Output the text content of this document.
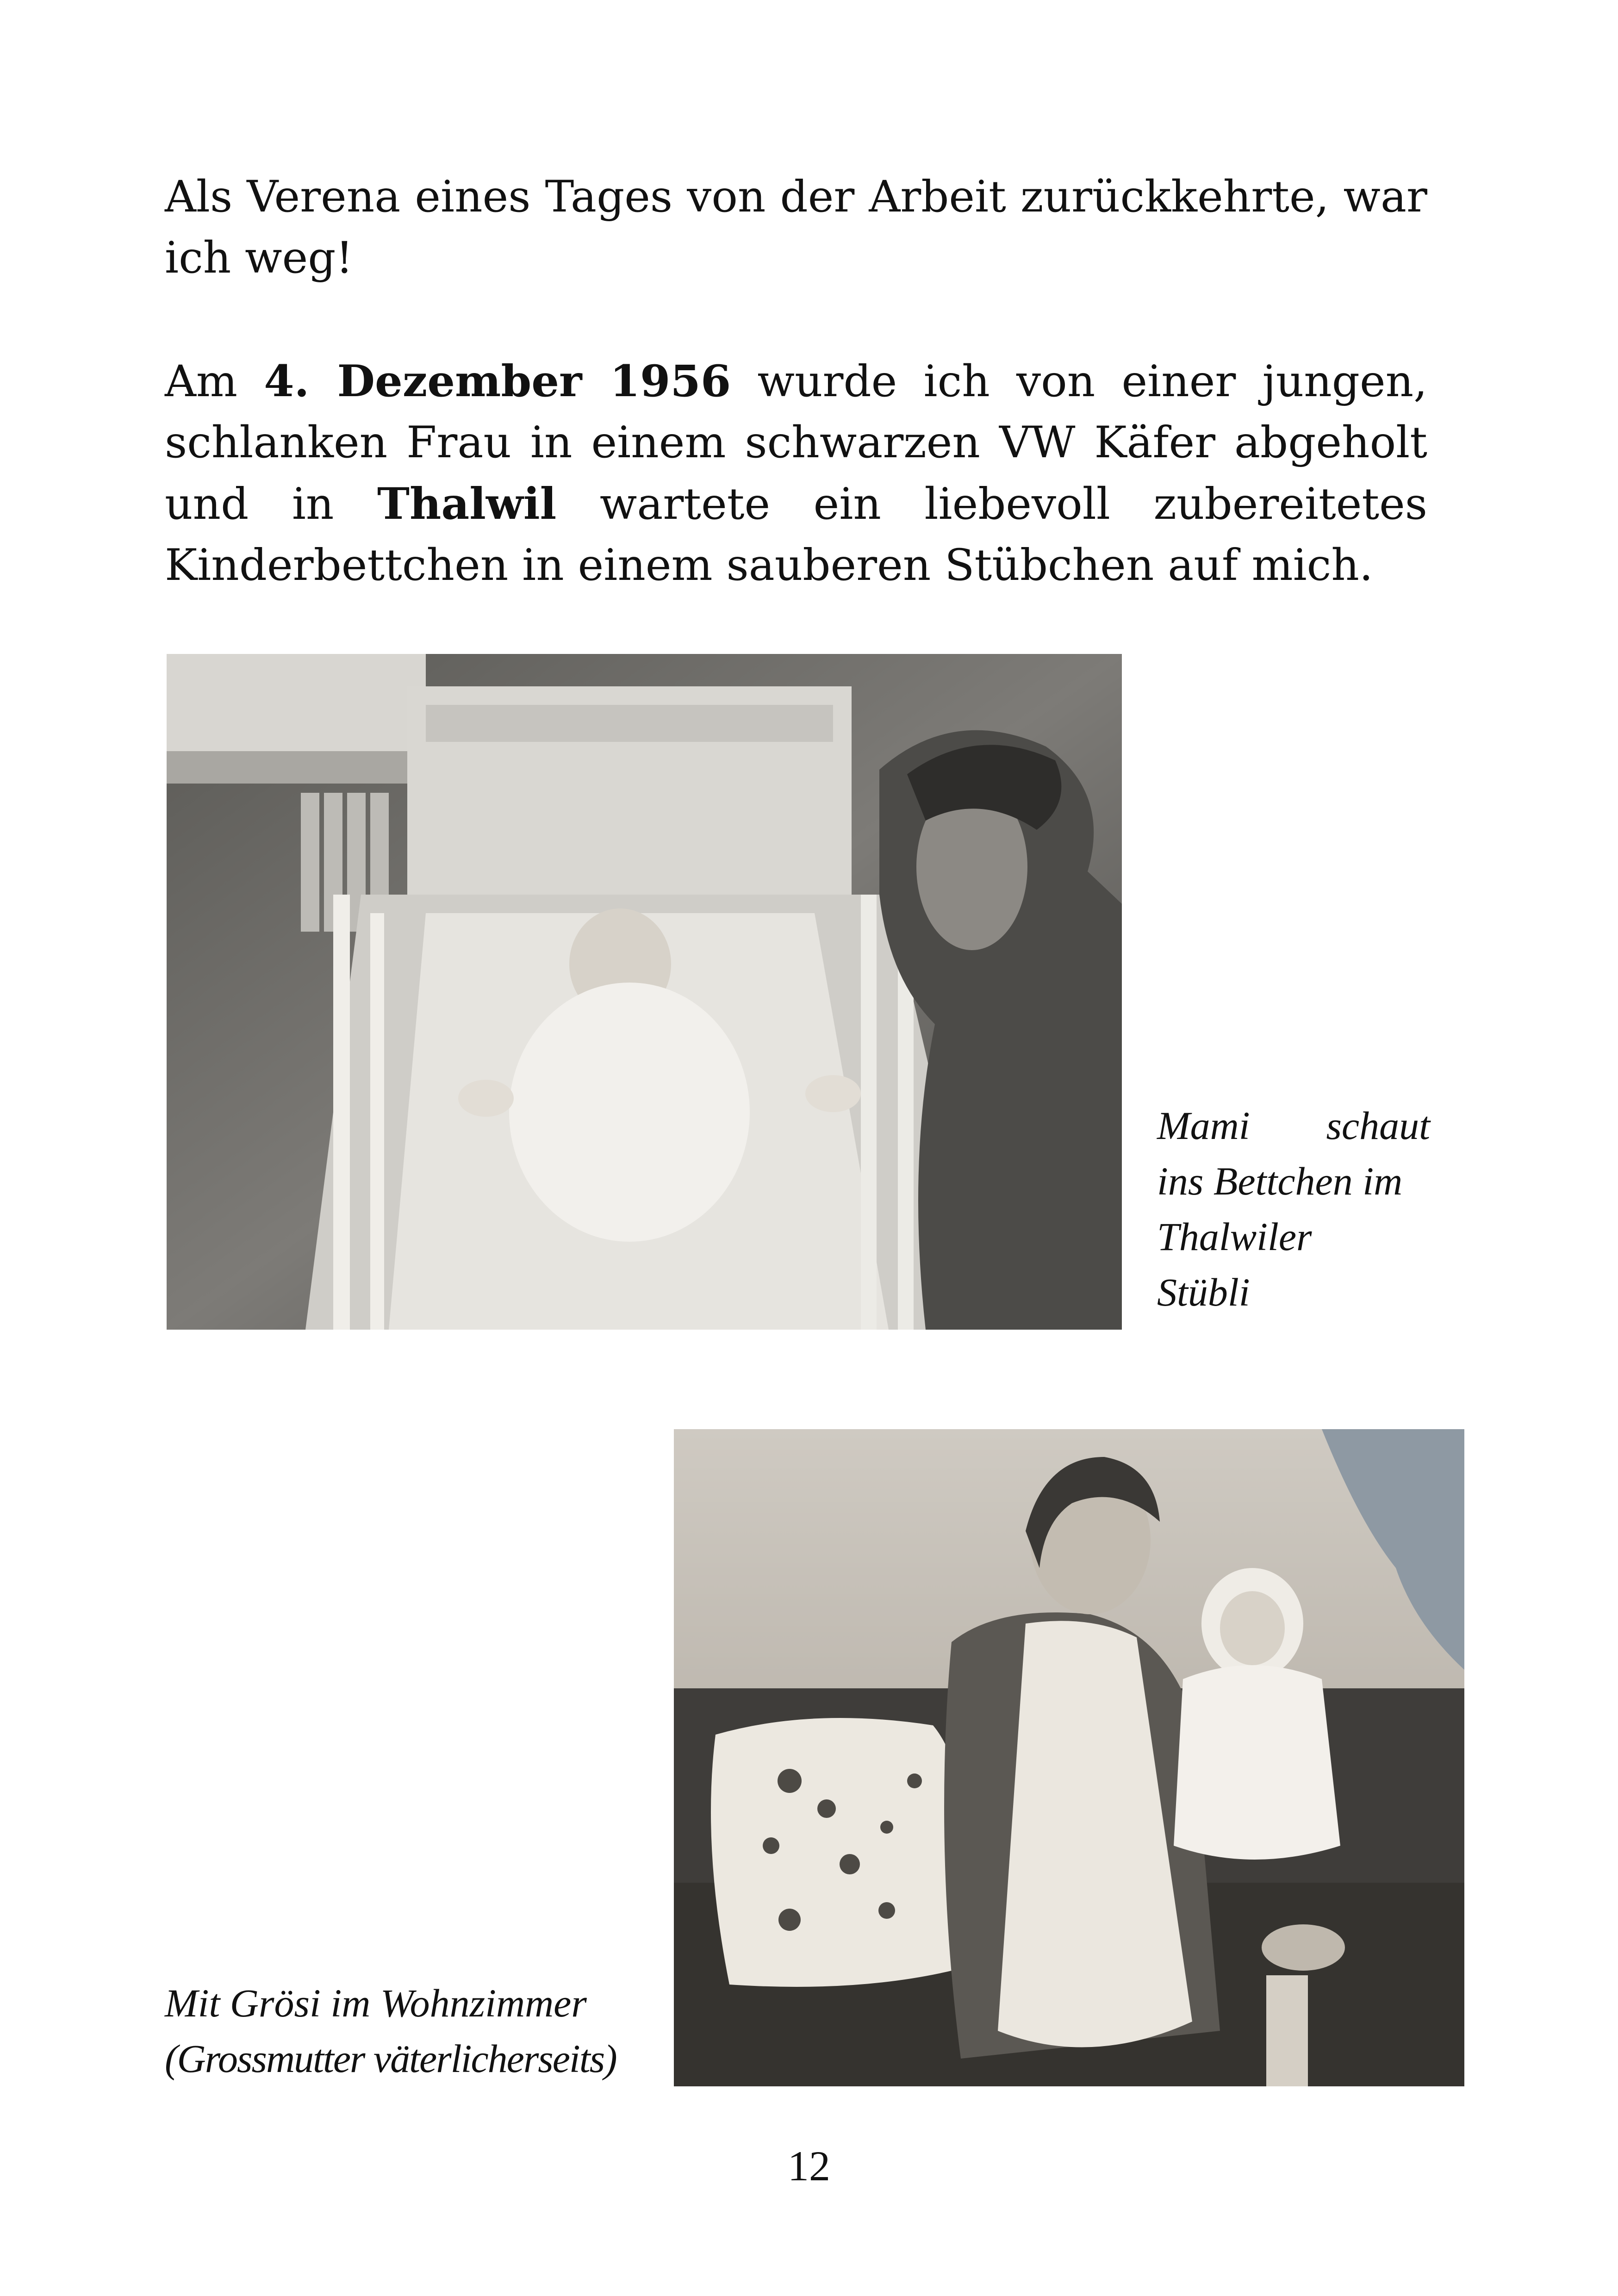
Als Verena eines Tages von der Arbeit zurückkehrte, war ich weg!

Am 4. Dezember 1956 wurde ich von einer jungen, schlanken Frau in einem schwarzen VW Käfer abgeholt und in Thalwil wartete ein liebevoll zubereitetes Kinderbettchen in einem sauberen Stübchen auf mich.

Mami schaut
ins Bettchen im
Thalwiler
Stübli

Mit Grösi im Wohnzimmer
(Grossmutter väterlicherseits)

12
